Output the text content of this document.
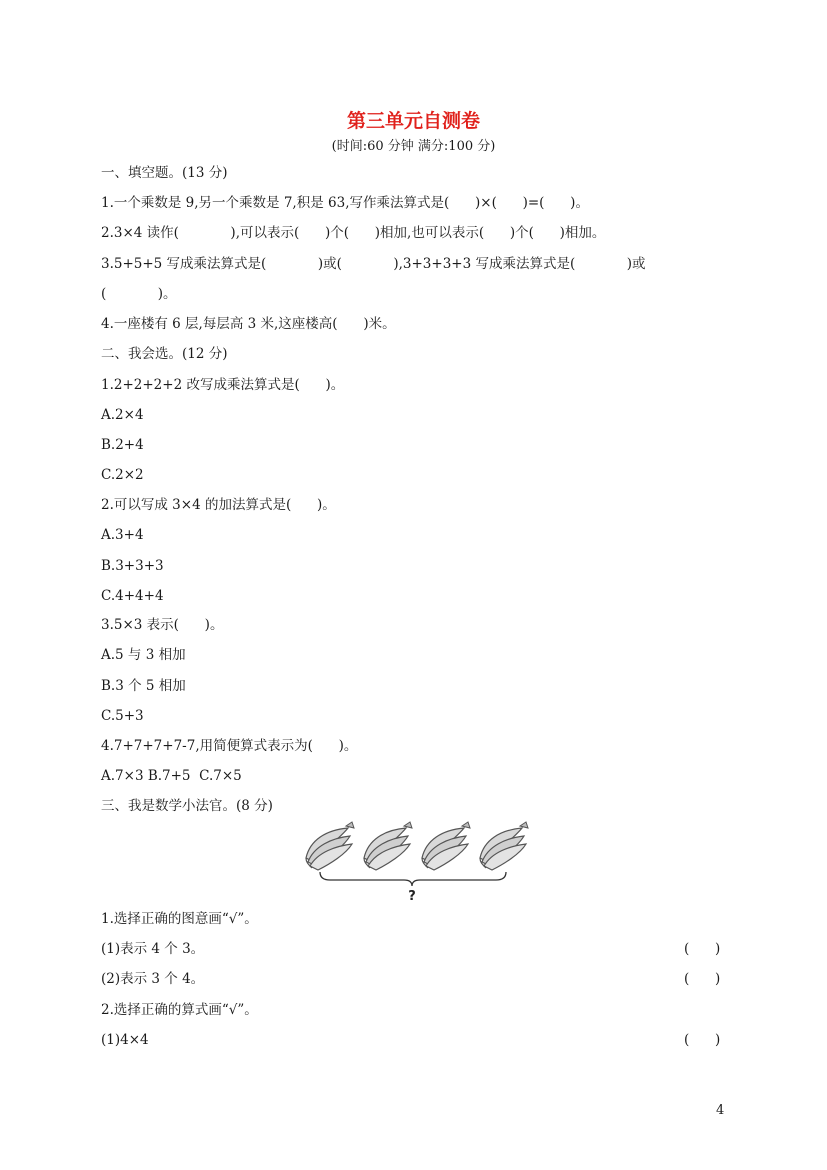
第三单元自测卷
(时间:60 分钟 满分:100 分)
一、填空题。(13 分)
1.一个乘数是 9,另一个乘数是 7,积是 63,写作乘法算式是(      )×(      )=(      )。
2.3×4 读作(            ),可以表示(      )个(      )相加,也可以表示(      )个(      )相加。
3.5+5+5 写成乘法算式是(            )或(            ),3+3+3+3 写成乘法算式是(            )或
(            )。
4.一座楼有 6 层,每层高 3 米,这座楼高(      )米。
二、我会选。(12 分)
1.2+2+2+2 改写成乘法算式是(      )。
A.2×4
B.2+4
C.2×2
2.可以写成 3×4 的加法算式是(      )。
A.3+4
B.3+3+3
C.4+4+4
3.5×3 表示(      )。
A.5 与 3 相加
B.3 个 5 相加
C.5+3
4.7+7+7+7-7,用简便算式表示为(      )。
A.7×3 B.7+5  C.7×5
三、我是数学小法官。(8 分)
?
1.选择正确的图意画“√”。
(1)表示 4 个 3。	(      )
(2)表示 3 个 4。	(      )
2.选择正确的算式画“√”。
(1)4×4	(      )
4
